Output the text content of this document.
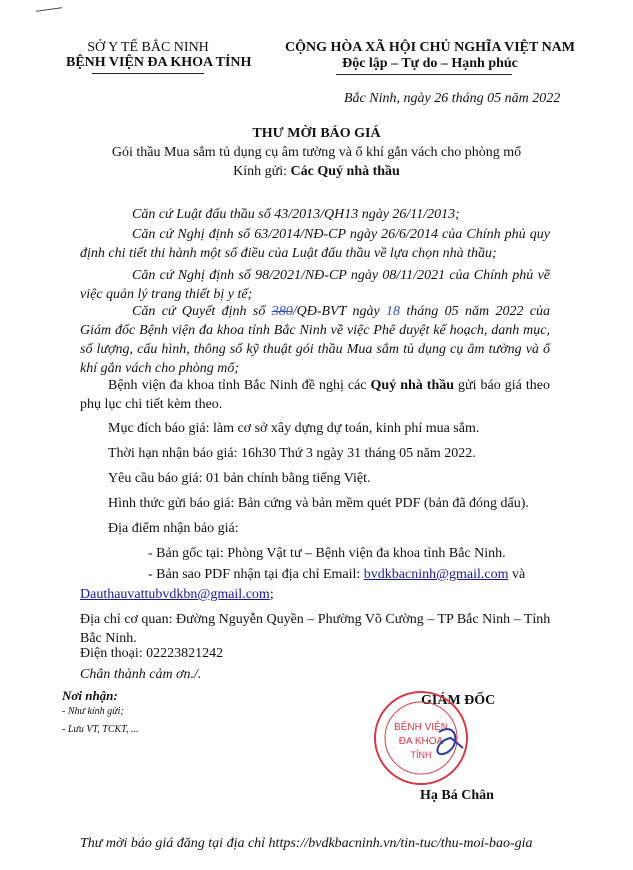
SỞ Y TẾ BẮC NINH
BỆNH VIỆN ĐA KHOA TỈNH
CỘNG HÒA XÃ HỘI CHỦ NGHĨA VIỆT NAM
Độc lập – Tự do – Hạnh phúc
Bắc Ninh, ngày 26 tháng 05 năm 2022
THƯ MỜI BÁO GIÁ
Gói thầu Mua sắm tủ dụng cụ âm tường và ổ khí gắn vách cho phòng mổ
Kính gửi: Các Quý nhà thầu
Căn cứ Luật đấu thầu số 43/2013/QH13 ngày 26/11/2013;
Căn cứ Nghị định số 63/2014/NĐ-CP ngày 26/6/2014 của Chính phủ quy định chi tiết thi hành một số điều của Luật đấu thầu về lựa chọn nhà thầu;
Căn cứ Nghị định số 98/2021/NĐ-CP ngày 08/11/2021 của Chính phủ về việc quản lý trang thiết bị y tế;
Căn cứ Quyết định số 380/QĐ-BVT ngày 18 tháng 05 năm 2022 của Giám đốc Bệnh viện đa khoa tỉnh Bắc Ninh về việc Phê duyệt kế hoạch, danh mục, số lượng, cấu hình, thông số kỹ thuật gói thầu Mua sắm tủ dụng cụ âm tường và ổ khí gắn vách cho phòng mổ;
Bệnh viện đa khoa tỉnh Bắc Ninh đề nghị các Quý nhà thầu gửi báo giá theo phụ lục chi tiết kèm theo.
Mục đích báo giá: làm cơ sở xây dựng dự toán, kinh phí mua sắm.
Thời hạn nhận báo giá: 16h30 Thứ 3 ngày 31 tháng 05 năm 2022.
Yêu cầu báo giá: 01 bản chính bằng tiếng Việt.
Hình thức gửi báo giá: Bản cứng và bản mềm quét PDF (bản đã đóng dấu).
Địa điểm nhận báo giá:
- Bản gốc tại: Phòng Vật tư – Bệnh viện đa khoa tỉnh Bắc Ninh.
- Bản sao PDF nhận tại địa chỉ Email: bvdkbacninh@gmail.com và
Dauthauvattubvdkbn@gmail.com;
Địa chỉ cơ quan: Đường Nguyễn Quyền – Phường Võ Cường – TP Bắc Ninh – Tỉnh
Bắc Ninh.
Điện thoại: 02223821242
Chân thành cảm ơn./.
Nơi nhận:
- Như kính gửi;
- Lưu VT, TCKT, ...
GIÁM ĐỐC
BỆNH VIỆN
ĐA KHOA
TỈNH
Hạ Bá Chân
Thư mời báo giá đăng tại địa chỉ https://bvdkbacninh.vn/tin-tuc/thu-moi-bao-gia
